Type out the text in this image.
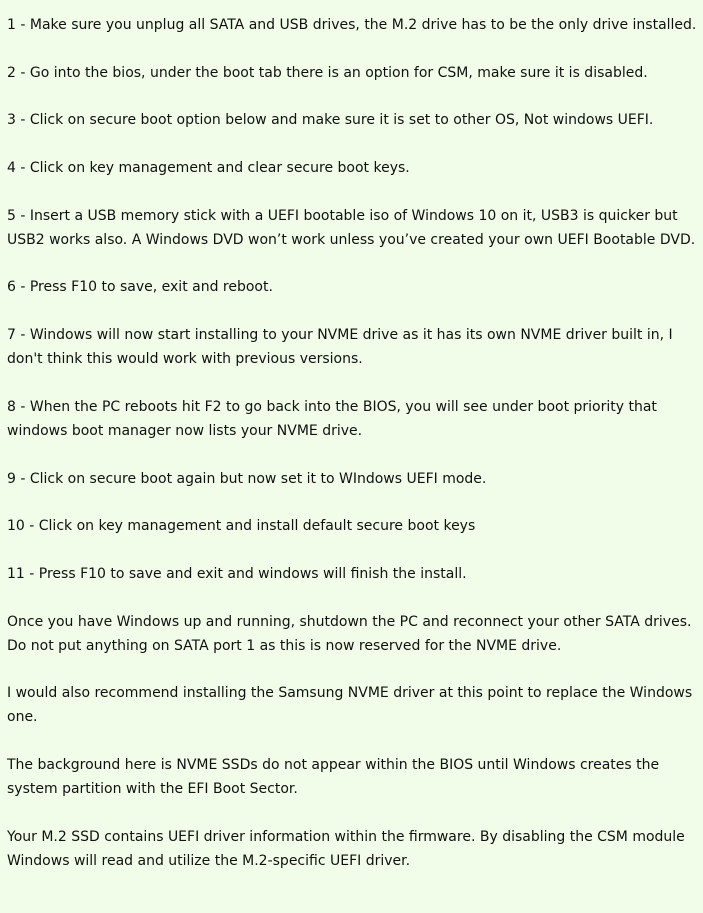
1 - Make sure you unplug all SATA and USB drives, the M.2 drive has to be the only drive installed.

2 - Go into the bios, under the boot tab there is an option for CSM, make sure it is disabled.

3 - Click on secure boot option below and make sure it is set to other OS, Not windows UEFI.

4 - Click on key management and clear secure boot keys.

5 - Insert a USB memory stick with a UEFI bootable iso of Windows 10 on it, USB3 is quicker but USB2 works also. A Windows DVD won’t work unless you’ve created your own UEFI Bootable DVD.

6 - Press F10 to save, exit and reboot.

7 - Windows will now start installing to your NVME drive as it has its own NVME driver built in, I don't think this would work with previous versions.

8 - When the PC reboots hit F2 to go back into the BIOS, you will see under boot priority that windows boot manager now lists your NVME drive.

9 - Click on secure boot again but now set it to WIndows UEFI mode.

10 - Click on key management and install default secure boot keys

11 - Press F10 to save and exit and windows will finish the install.

Once you have Windows up and running, shutdown the PC and reconnect your other SATA drives. Do not put anything on SATA port 1 as this is now reserved for the NVME drive.

I would also recommend installing the Samsung NVME driver at this point to replace the Windows one.

The background here is NVME SSDs do not appear within the BIOS until Windows creates the system partition with the EFI Boot Sector.

Your M.2 SSD contains UEFI driver information within the firmware. By disabling the CSM module Windows will read and utilize the M.2-specific UEFI driver.
